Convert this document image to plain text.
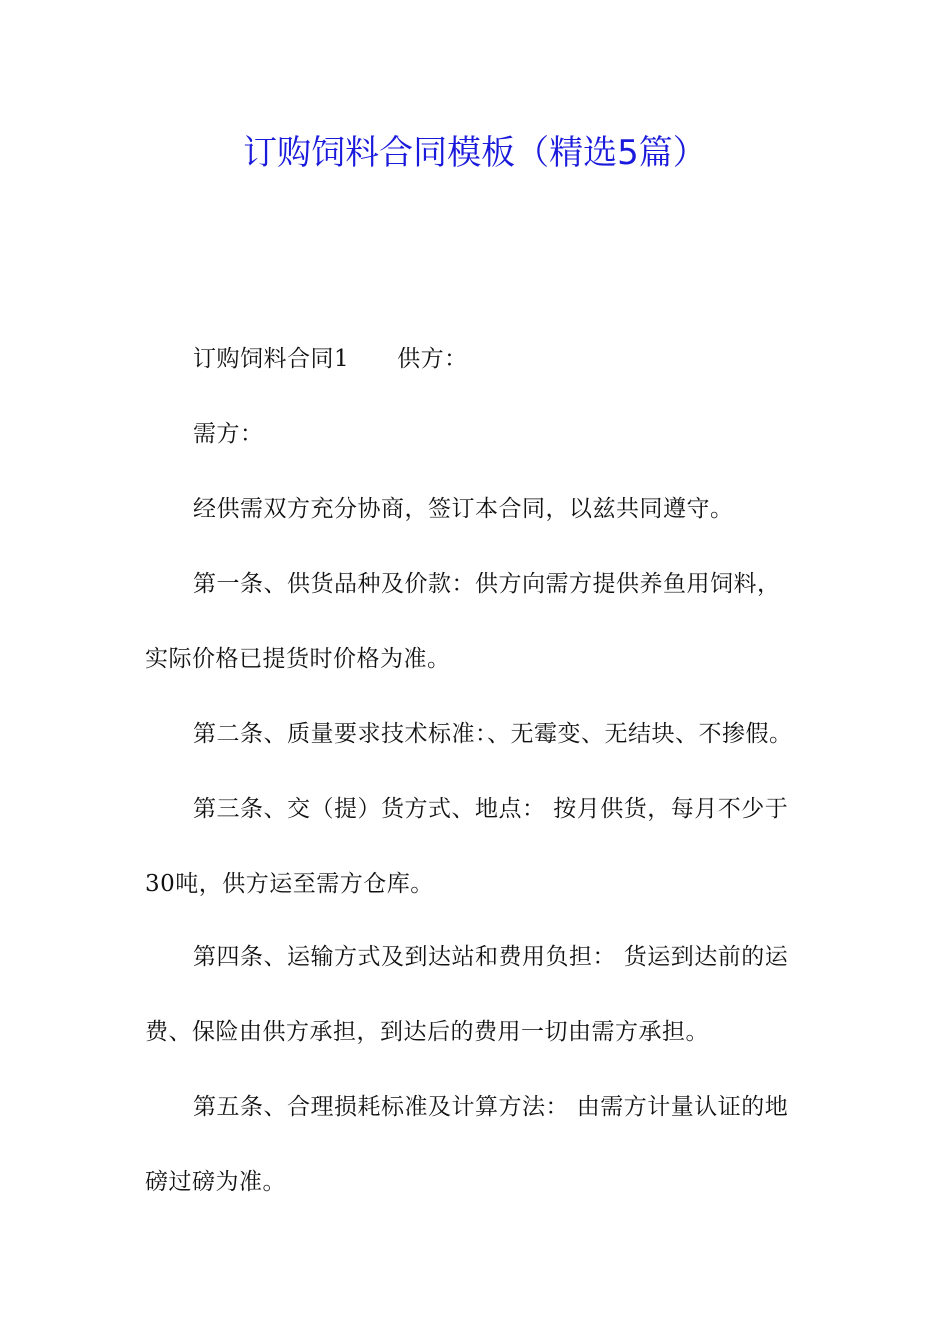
订购饲料合同模板（精选5篇）
订购饲料合同1 供方：
需方：
经供需双方充分协商，签订本合同，以兹共同遵守。
第一条、供货品种及价款：供方向需方提供养鱼用饲料，
实际价格已提货时价格为准。
第二条、质量要求技术标准：、无霉变、无结块、不掺假。
第三条、交（提）货方式、地点： 按月供货，每月不少于
30吨，供方运至需方仓库。
第四条、运输方式及到达站和费用负担： 货运到达前的运
费、保险由供方承担，到达后的费用一切由需方承担。
第五条、合理损耗标准及计算方法： 由需方计量认证的地
磅过磅为准。
